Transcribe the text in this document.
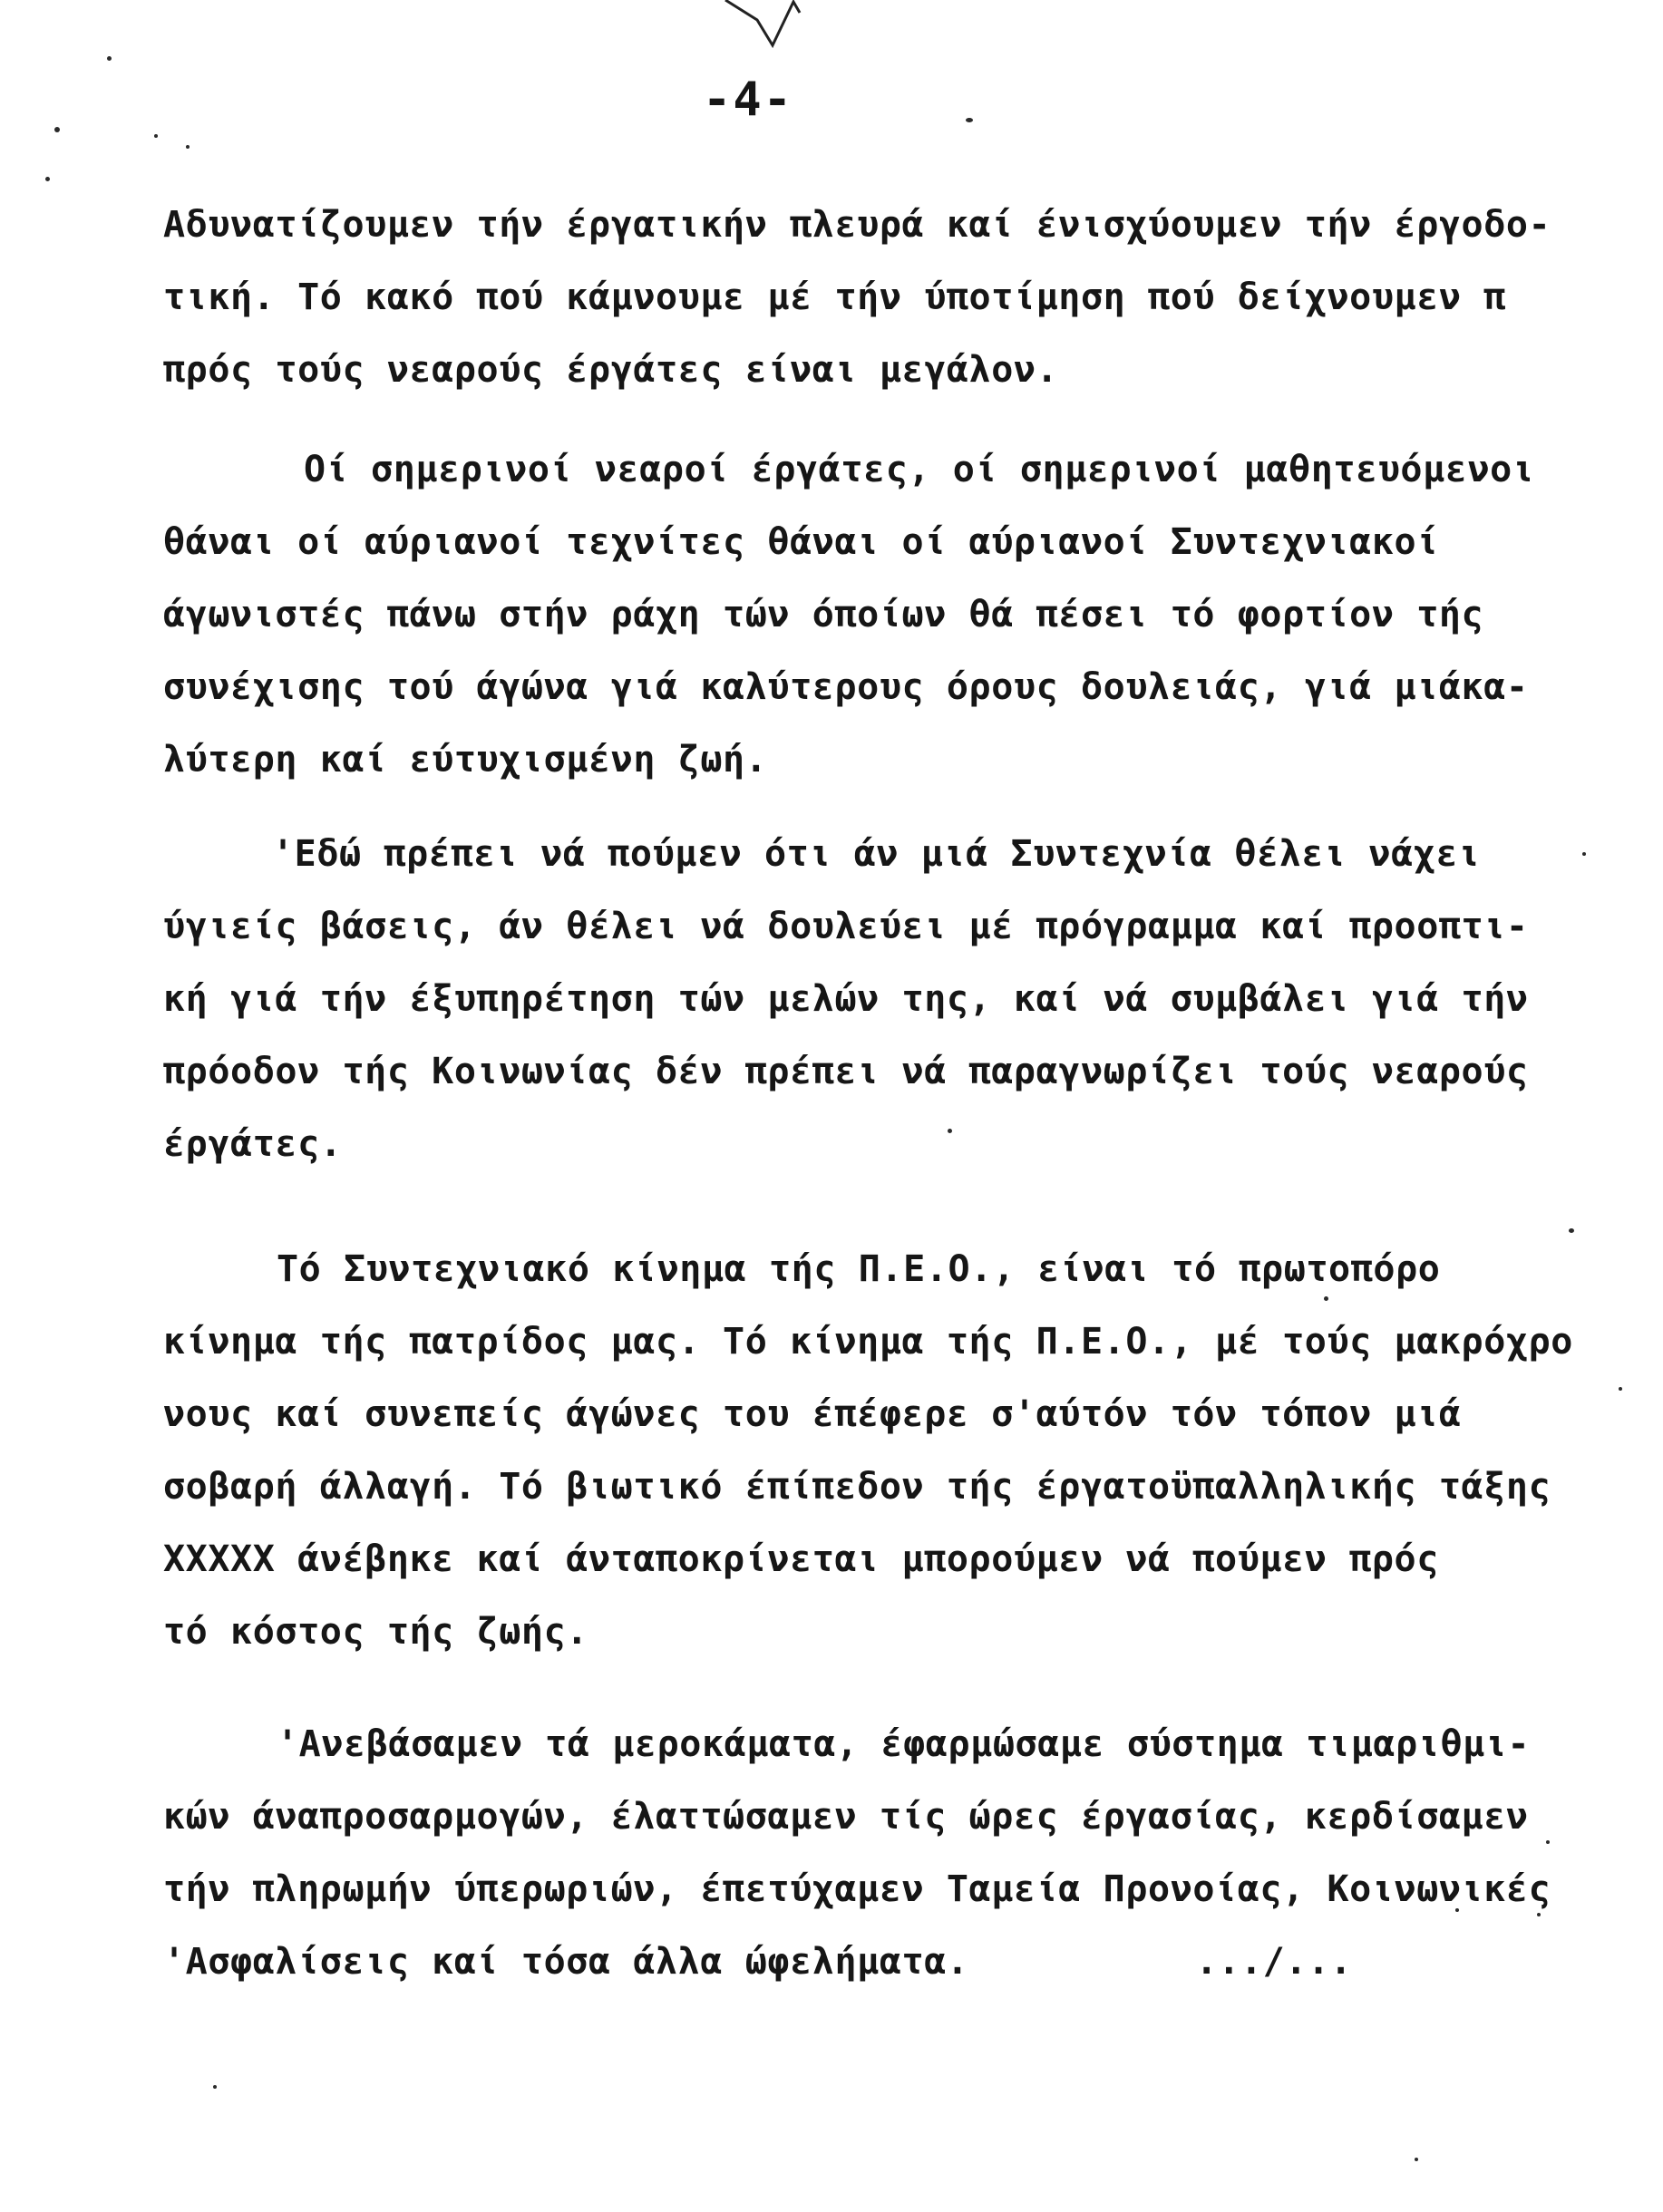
-4-
Αδυνατίζουμεν τήν έργατικήν πλευρά καί ένισχύουμεν τήν έργοδο-
τική. Τό κακό πού κάμνουμε μέ τήν ύποτίμηση πού δείχνουμεν π
πρός τούς νεαρούς έργάτες είναι μεγάλον.
Οί σημερινοί νεαροί έργάτες, οί σημερινοί μαθητευόμενοι
θάναι οί αύριανοί τεχνίτες θάναι οί αύριανοί Συντεχνιακοί
άγωνιστές πάνω στήν ράχη τών όποίων θά πέσει τό φορτίον τής
συνέχισης τού άγώνα γιά καλύτερους όρους δουλειάς, γιά μιάκα-
λύτερη καί εύτυχισμένη ζωή.
'Εδώ πρέπει νά πούμεν ότι άν μιά Συντεχνία θέλει νάχει
ύγιείς βάσεις, άν θέλει νά δουλεύει μέ πρόγραμμα καί προοπτι-
κή γιά τήν έξυπηρέτηση τών μελών της, καί νά συμβάλει γιά τήν
πρόοδον τής Κοινωνίας δέν πρέπει νά παραγνωρίζει τούς νεαρούς
έργάτες.
Τό Συντεχνιακό κίνημα τής Π.Ε.Ο., είναι τό πρωτοπόρο
κίνημα τής πατρίδος μας. Τό κίνημα τής Π.Ε.Ο., μέ τούς μακρόχρο
νους καί συνεπείς άγώνες του έπέφερε σ'αύτόν τόν τόπον μιά
σοβαρή άλλαγή. Τό βιωτικό έπίπεδον τής έργατοϋπαλληλικής τάξης
ΧΧΧΧΧ άνέβηκε καί άνταποκρίνεται μπορούμεν νά πούμεν πρός
τό κόστος τής ζωής.
'Ανεβάσαμεν τά μεροκάματα, έφαρμώσαμε σύστημα τιμαριθμι-
κών άναπροσαρμογών, έλαττώσαμεν τίς ώρες έργασίας, κερδίσαμεν
τήν πληρωμήν ύπερωριών, έπετύχαμεν Ταμεία Προνοίας, Κοινωνικές
'Ασφαλίσεις καί τόσα άλλα ώφελήματα.	.../...
